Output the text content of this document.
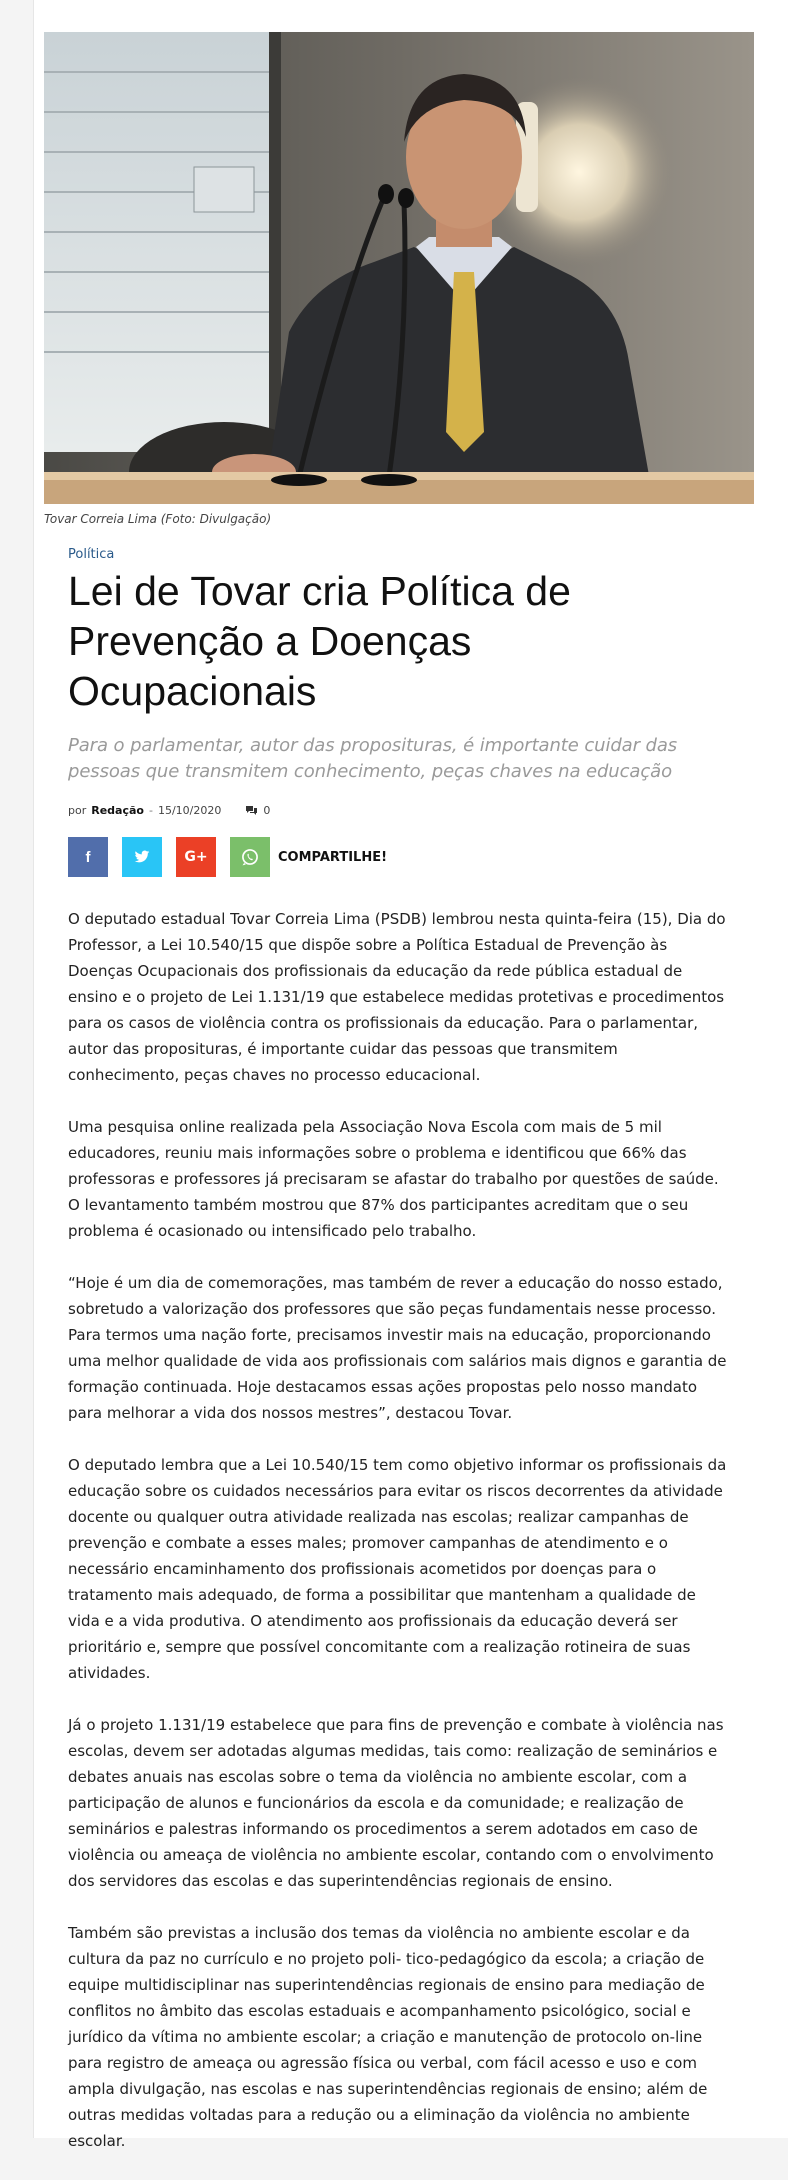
Tovar Correia Lima (Foto: Divulgação)
Política
Lei de Tovar cria Política de Prevenção a Doenças Ocupacionais
Para o parlamentar, autor das proposituras, é importante cuidar das pessoas que transmitem conhecimento, peças chaves na educação
por Redação - 15/10/2020	0
f	G+	COMPARTILHE!

O deputado estadual Tovar Correia Lima (PSDB) lembrou nesta quinta-feira (15), Dia do Professor, a Lei 10.540/15 que dispõe sobre a Política Estadual de Prevenção às Doenças Ocupacionais dos profissionais da educação da rede pública estadual de ensino e o projeto de Lei 1.131/19 que estabelece medidas protetivas e procedimentos para os casos de violência contra os profissionais da educação. Para o parlamentar, autor das proposituras, é importante cuidar das pessoas que transmitem conhecimento, peças chaves no processo educacional.

Uma pesquisa online realizada pela Associação Nova Escola com mais de 5 mil educadores, reuniu mais informações sobre o problema e identificou que 66% das professoras e professores já precisaram se afastar do trabalho por questões de saúde. O levantamento também mostrou que 87% dos participantes acreditam que o seu problema é ocasionado ou intensificado pelo trabalho.

“Hoje é um dia de comemorações, mas também de rever a educação do nosso estado, sobretudo a valorização dos professores que são peças fundamentais nesse processo. Para termos uma nação forte, precisamos investir mais na educação, proporcionando uma melhor qualidade de vida aos profissionais com salários mais dignos e garantia de formação continuada. Hoje destacamos essas ações propostas pelo nosso mandato para melhorar a vida dos nossos mestres”, destacou Tovar.

O deputado lembra que a Lei 10.540/15 tem como objetivo informar os profissionais da educação sobre os cuidados necessários para evitar os riscos decorrentes da atividade docente ou qualquer outra atividade realizada nas escolas; realizar campanhas de prevenção e combate a esses males; promover campanhas de atendimento e o necessário encaminhamento dos profissionais acometidos por doenças para o tratamento mais adequado, de forma a possibilitar que mantenham a qualidade de vida e a vida produtiva. O atendimento aos profissionais da educação deverá ser prioritário e, sempre que possível concomitante com a realização rotineira de suas atividades.

Já o projeto 1.131/19 estabelece que para fins de prevenção e combate à violência nas escolas, devem ser adotadas algumas medidas, tais como: realização de seminários e debates anuais nas escolas sobre o tema da violência no ambiente escolar, com a participação de alunos e funcionários da escola e da comunidade; e realização de seminários e palestras informando os procedimentos a serem adotados em caso de violência ou ameaça de violência no ambiente escolar, contando com o envolvimento dos servidores das escolas e das superintendências regionais de ensino.

Também são previstas a inclusão dos temas da violência no ambiente escolar e da cultura da paz no currículo e no projeto poli- tico-pedagógico da escola; a criação de equipe multidisciplinar nas superintendências regionais de ensino para mediação de conflitos no âmbito das escolas estaduais e acompanhamento psicológico, social e jurídico da vítima no ambiente escolar; a criação e manutenção de protocolo on-line para registro de ameaça ou agressão física ou verbal, com fácil acesso e uso e com ampla divulgação, nas escolas e nas superintendências regionais de ensino; além de outras medidas voltadas para a redução ou a eliminação da violência no ambiente escolar.
